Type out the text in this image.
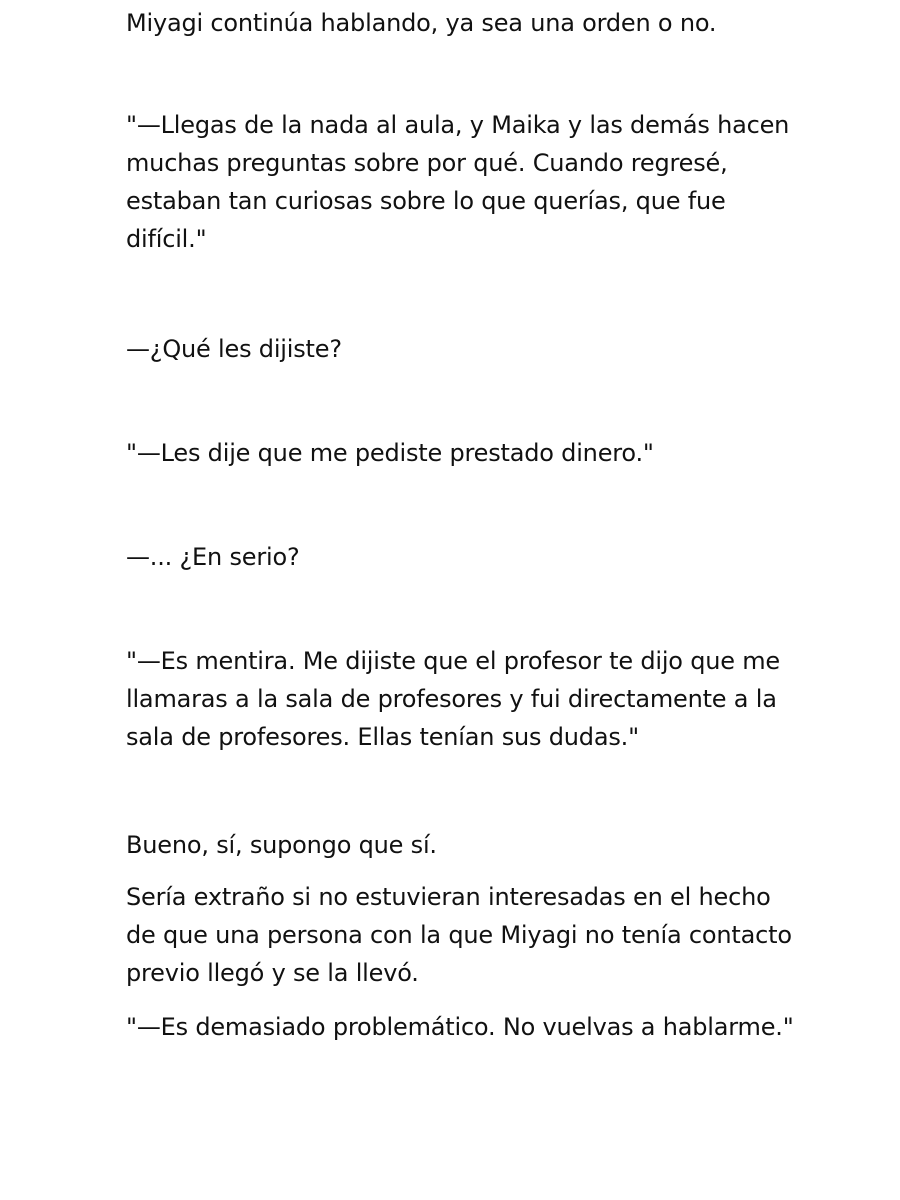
Miyagi continúa hablando, ya sea una orden o no.

"—Llegas de la nada al aula, y Maika y las demás hacen muchas preguntas sobre por qué. Cuando regresé, estaban tan curiosas sobre lo que querías, que fue difícil."

—¿Qué les dijiste?

"—Les dije que me pediste prestado dinero."

—... ¿En serio?

"—Es mentira. Me dijiste que el profesor te dijo que me llamaras a la sala de profesores y fui directamente a la sala de profesores. Ellas tenían sus dudas."

Bueno, sí, supongo que sí.

Sería extraño si no estuvieran interesadas en el hecho de que una persona con la que Miyagi no tenía contacto previo llegó y se la llevó.

"—Es demasiado problemático. No vuelvas a hablarme."
